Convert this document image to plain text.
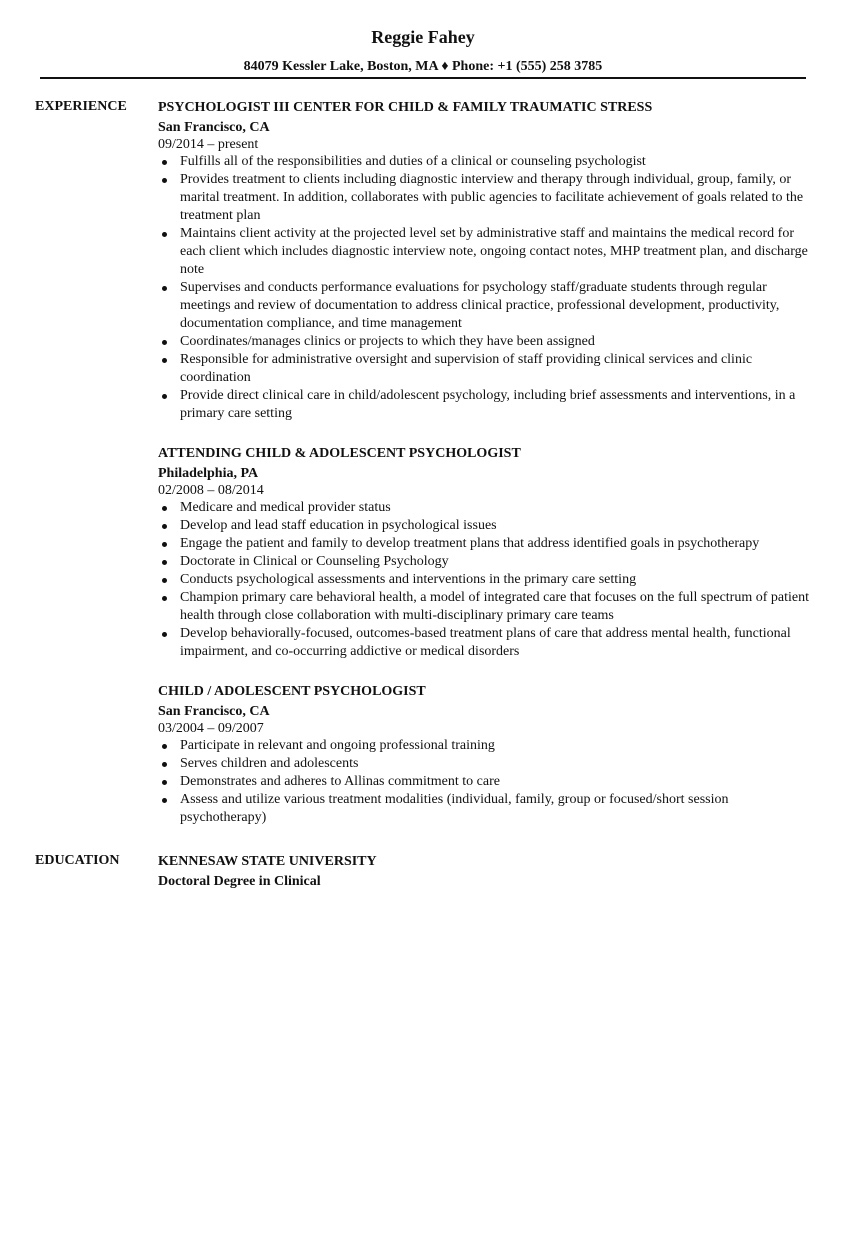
Reggie Fahey
84079 Kessler Lake, Boston, MA ♦ Phone: +1 (555) 258 3785
EXPERIENCE PSYCHOLOGIST III CENTER FOR CHILD & FAMILY TRAUMATIC STRESS
San Francisco, CA
09/2014 – present
Fulfills all of the responsibilities and duties of a clinical or counseling psychologist
Provides treatment to clients including diagnostic interview and therapy through individual, group, family, or marital treatment. In addition, collaborates with public agencies to facilitate achievement of goals related to the treatment plan
Maintains client activity at the projected level set by administrative staff and maintains the medical record for each client which includes diagnostic interview note, ongoing contact notes, MHP treatment plan, and discharge note
Supervises and conducts performance evaluations for psychology staff/graduate students through regular meetings and review of documentation to address clinical practice, professional development, productivity, documentation compliance, and time management
Coordinates/manages clinics or projects to which they have been assigned
Responsible for administrative oversight and supervision of staff providing clinical services and clinic coordination
Provide direct clinical care in child/adolescent psychology, including brief assessments and interventions, in a primary care setting
ATTENDING CHILD & ADOLESCENT PSYCHOLOGIST
Philadelphia, PA
02/2008 – 08/2014
Medicare and medical provider status
Develop and lead staff education in psychological issues
Engage the patient and family to develop treatment plans that address identified goals in psychotherapy
Doctorate in Clinical or Counseling Psychology
Conducts psychological assessments and interventions in the primary care setting
Champion primary care behavioral health, a model of integrated care that focuses on the full spectrum of patient health through close collaboration with multi-disciplinary primary care teams
Develop behaviorally-focused, outcomes-based treatment plans of care that address mental health, functional impairment, and co-occurring addictive or medical disorders
CHILD / ADOLESCENT PSYCHOLOGIST
San Francisco, CA
03/2004 – 09/2007
Participate in relevant and ongoing professional training
Serves children and adolescents
Demonstrates and adheres to Allinas commitment to care
Assess and utilize various treatment modalities (individual, family, group or focused/short session psychotherapy)
EDUCATION	KENNESAW STATE UNIVERSITY
Doctoral Degree in Clinical
